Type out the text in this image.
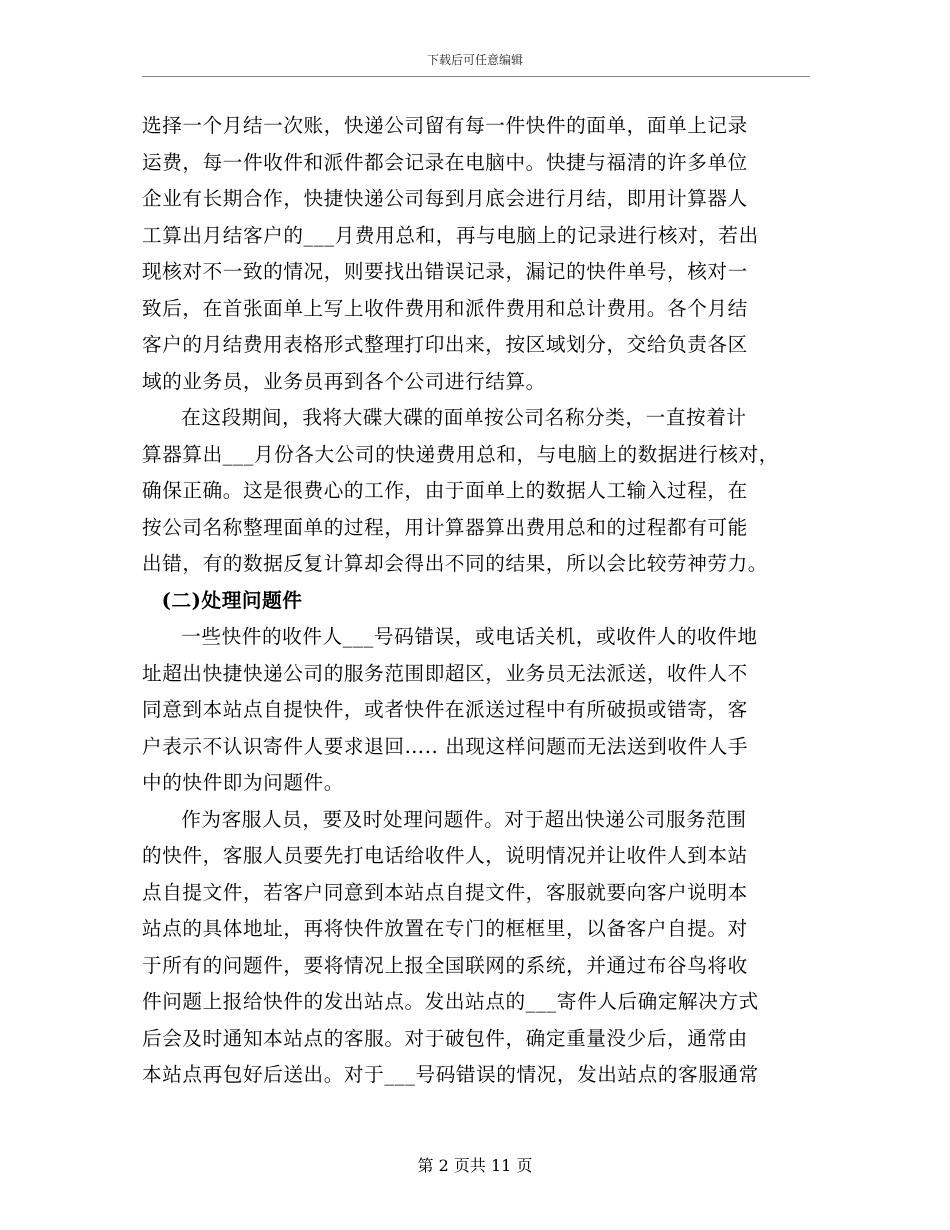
下载后可任意编辑

选择一个月结一次账，快递公司留有每一件快件的面单，面单上记录
运费，每一件收件和派件都会记录在电脑中。快捷与福清的许多单位
企业有长期合作，快捷快递公司每到月底会进行月结，即用计算器人
工算出月结客户的___月费用总和，再与电脑上的记录进行核对，若出
现核对不一致的情况，则要找出错误记录，漏记的快件单号，核对一
致后，在首张面单上写上收件费用和派件费用和总计费用。各个月结
客户的月结费用表格形式整理打印出来，按区域划分，交给负责各区
域的业务员，业务员再到各个公司进行结算。

在这段期间，我将大碟大碟的面单按公司名称分类，一直按着计
算器算出___月份各大公司的快递费用总和，与电脑上的数据进行核对，
确保正确。这是很费心的工作，由于面单上的数据人工输入过程，在
按公司名称整理面单的过程，用计算器算出费用总和的过程都有可能
出错，有的数据反复计算却会得出不同的结果，所以会比较劳神劳力。

(二)处理问题件

一些快件的收件人___号码错误，或电话关机，或收件人的收件地
址超出快捷快递公司的服务范围即超区，业务员无法派送，收件人不
同意到本站点自提快件，或者快件在派送过程中有所破损或错寄，客
户表示不认识寄件人要求退回….. 出现这样问题而无法送到收件人手
中的快件即为问题件。

作为客服人员，要及时处理问题件。对于超出快递公司服务范围
的快件，客服人员要先打电话给收件人，说明情况并让收件人到本站
点自提文件，若客户同意到本站点自提文件，客服就要向客户说明本
站点的具体地址，再将快件放置在专门的框框里，以备客户自提。对
于所有的问题件，要将情况上报全国联网的系统，并通过布谷鸟将收
件问题上报给快件的发出站点。发出站点的___寄件人后确定解决方式
后会及时通知本站点的客服。对于破包件，确定重量没少后，通常由
本站点再包好后送出。对于___号码错误的情况，发出站点的客服通常

第 2 页共 11 页
